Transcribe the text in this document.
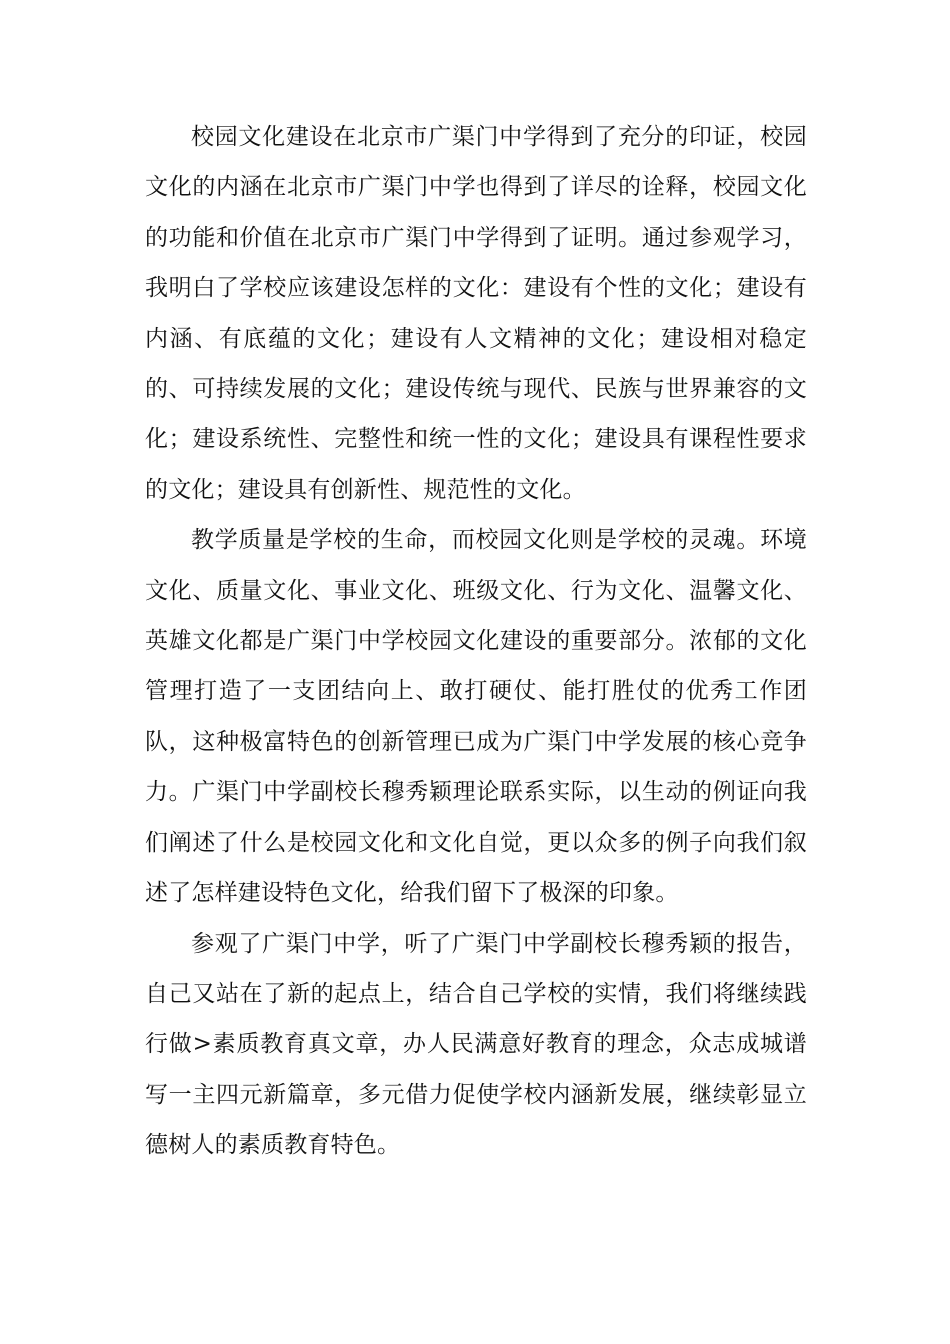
校园文化建设在北京市广渠门中学得到了充分的印证，校园文化的内涵在北京市广渠门中学也得到了详尽的诠释，校园文化的功能和价值在北京市广渠门中学得到了证明。通过参观学习，我明白了学校应该建设怎样的文化：建设有个性的文化；建设有内涵、有底蕴的文化；建设有人文精神的文化；建设相对稳定的、可持续发展的文化；建设传统与现代、民族与世界兼容的文化；建设系统性、完整性和统一性的文化；建设具有课程性要求的文化；建设具有创新性、规范性的文化。

教学质量是学校的生命，而校园文化则是学校的灵魂。环境文化、质量文化、事业文化、班级文化、行为文化、温馨文化、英雄文化都是广渠门中学校园文化建设的重要部分。浓郁的文化管理打造了一支团结向上、敢打硬仗、能打胜仗的优秀工作团队，这种极富特色的创新管理已成为广渠门中学发展的核心竞争力。广渠门中学副校长穆秀颖理论联系实际，以生动的例证向我们阐述了什么是校园文化和文化自觉，更以众多的例子向我们叙述了怎样建设特色文化，给我们留下了极深的印象。

参观了广渠门中学，听了广渠门中学副校长穆秀颖的报告，自己又站在了新的起点上，结合自己学校的实情，我们将继续践行做>素质教育真文章，办人民满意好教育的理念，众志成城谱写一主四元新篇章，多元借力促使学校内涵新发展，继续彰显立德树人的素质教育特色。
